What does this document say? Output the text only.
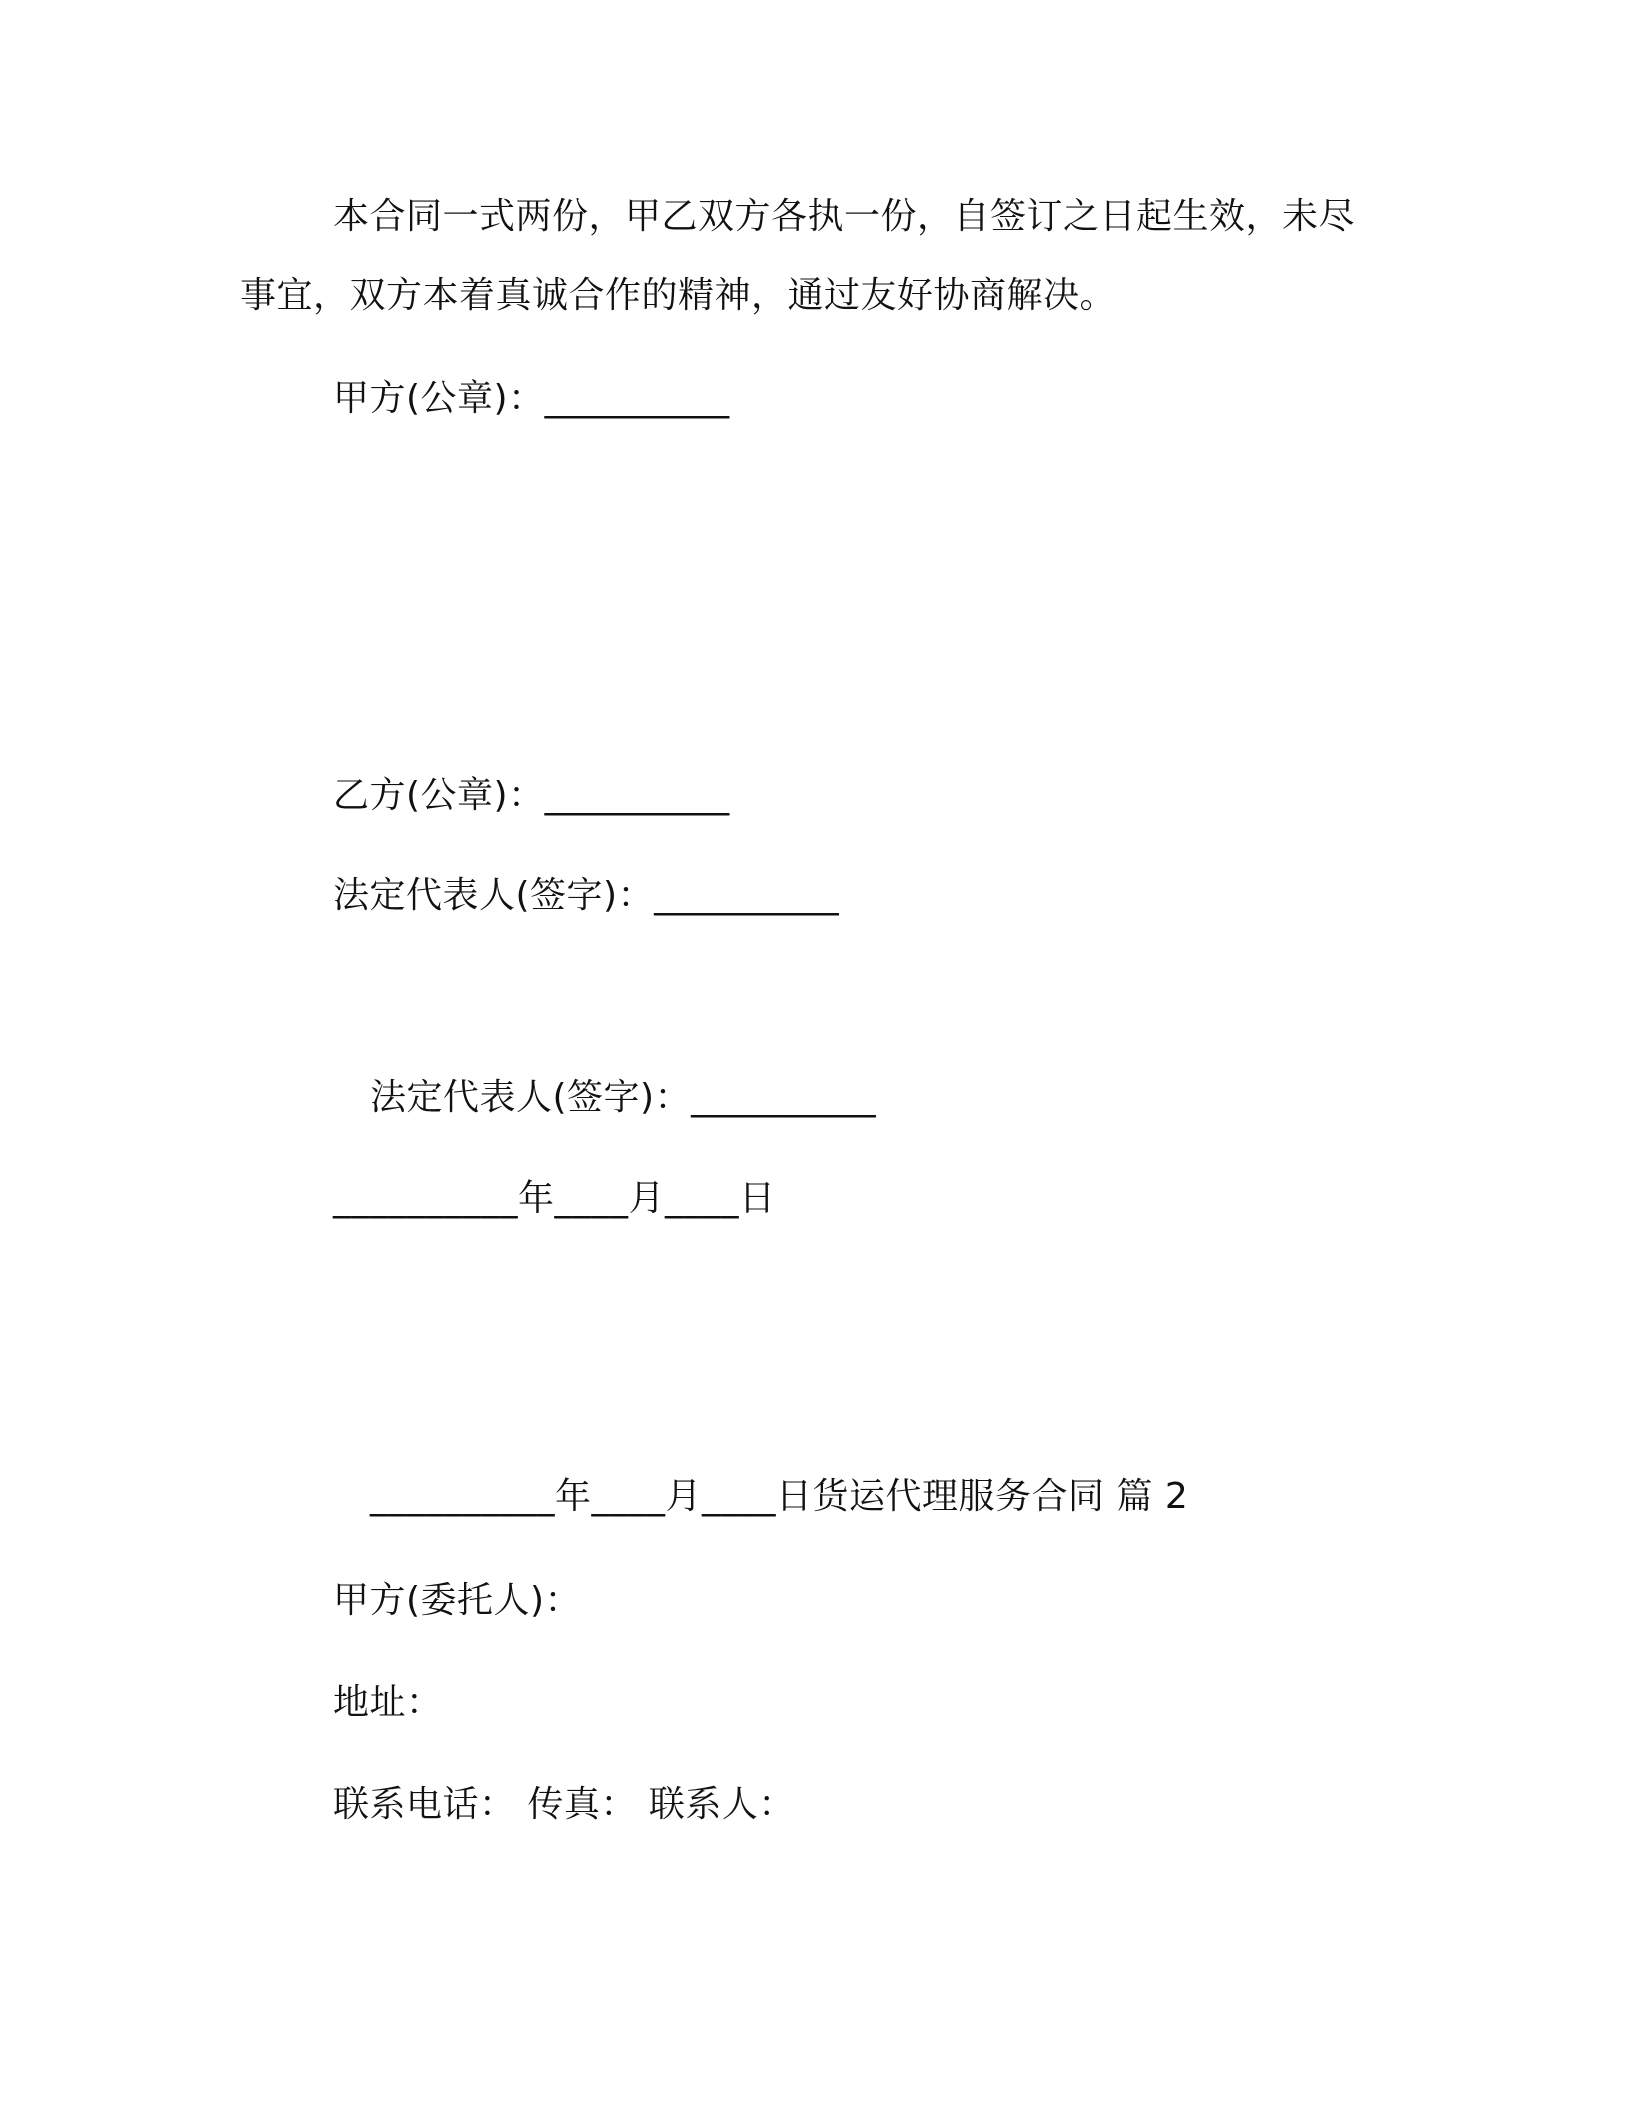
本合同一式两份，甲乙双方各执一份，自签订之日起生效，未尽
事宜，双方本着真诚合作的精神，通过友好协商解决。
甲方(公章)：__________
乙方(公章)：__________
法定代表人(签字)：__________
法定代表人(签字)：__________
__________年____月____日
__________年____月____日货运代理服务合同 篇 2
甲方(委托人)：
地址：
联系电话： 传真： 联系人：
